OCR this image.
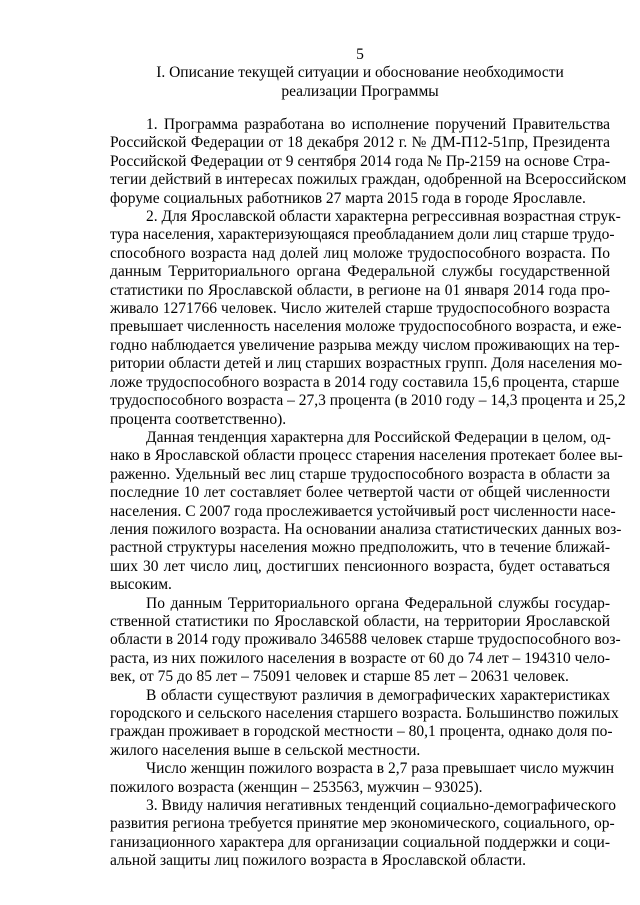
5
I. Описание текущей ситуации и обоснование необходимости
реализации Программы
1. Программа разработана во исполнение поручений Правительства
Российской Федерации от 18 декабря 2012 г. № ДМ-П12-51пр, Президента
Российской Федерации от 9 сентября 2014 года № Пр-2159 на основе Стра-
тегии действий в интересах пожилых граждан, одобренной на Всероссийском
форуме социальных работников 27 марта 2015 года в городе Ярославле.
2. Для Ярославской области характерна регрессивная возрастная струк-
тура населения, характеризующаяся преобладанием доли лиц старше трудо-
способного возраста над долей лиц моложе трудоспособного возраста. По
данным Территориального органа Федеральной службы государственной
статистики по Ярославской области, в регионе на 01 января 2014 года про-
живало 1271766 человек. Число жителей старше трудоспособного возраста
превышает численность населения моложе трудоспособного возраста, и еже-
годно наблюдается увеличение разрыва между числом проживающих на тер-
ритории области детей и лиц старших возрастных групп. Доля населения мо-
ложе трудоспособного возраста в 2014 году составила 15,6 процента, старше
трудоспособного возраста – 27,3 процента (в 2010 году – 14,3 процента и 25,2
процента соответственно).
Данная тенденция характерна для Российской Федерации в целом, од-
нако в Ярославской области процесс старения населения протекает более вы-
раженно. Удельный вес лиц старше трудоспособного возраста в области за
последние 10 лет составляет более четвертой части от общей численности
населения. С 2007 года прослеживается устойчивый рост численности насе-
ления пожилого возраста. На основании анализа статистических данных воз-
растной структуры населения можно предположить, что в течение ближай-
ших 30 лет число лиц, достигших пенсионного возраста, будет оставаться
высоким.
По данным Территориального органа Федеральной службы государ-
ственной статистики по Ярославской области, на территории Ярославской
области в 2014 году проживало 346588 человек старше трудоспособного воз-
раста, из них пожилого населения в возрасте от 60 до 74 лет – 194310 чело-
век, от 75 до 85 лет – 75091 человек и старше 85 лет – 20631 человек.
В области существуют различия в демографических характеристиках
городского и сельского населения старшего возраста. Большинство пожилых
граждан проживает в городской местности – 80,1 процента, однако доля по-
жилого населения выше в сельской местности.
Число женщин пожилого возраста в 2,7 раза превышает число мужчин
пожилого возраста (женщин – 253563, мужчин – 93025).
3. Ввиду наличия негативных тенденций социально-демографического
развития региона требуется принятие мер экономического, социального, ор-
ганизационного характера для организации социальной поддержки и соци-
альной защиты лиц пожилого возраста в Ярославской области.
